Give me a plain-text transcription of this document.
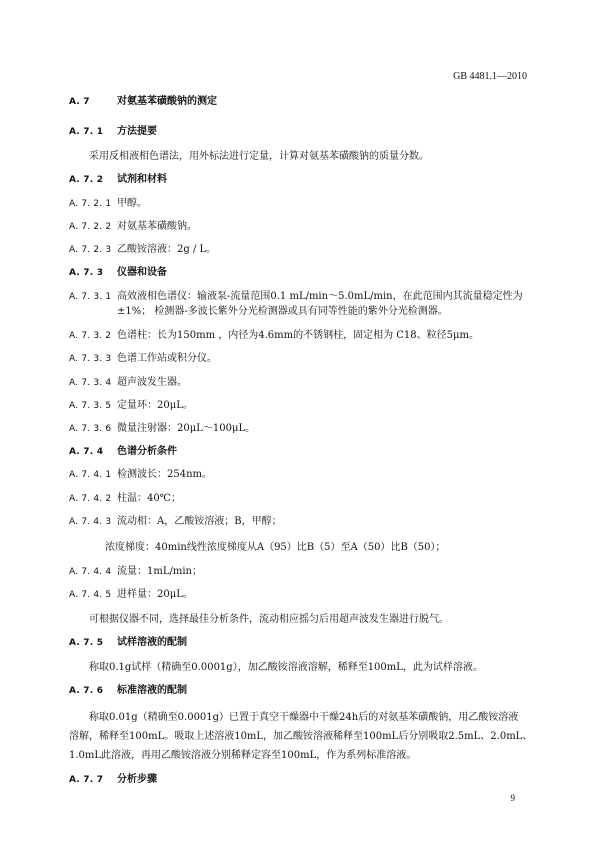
GB 4481.1—2010
A. 7	对氨基苯磺酸钠的测定
A. 7. 1 方法提要
采用反相液相色谱法，用外标法进行定量，计算对氨基苯磺酸钠的质量分数。
A. 7. 2 试剂和材料
A. 7. 2. 1 甲醇。
A. 7. 2. 2 对氨基苯磺酸钠。
A. 7. 2. 3 乙酸铵溶液：2g / L。
A. 7. 3 仪器和设备
A. 7. 3. 1 高效液相色谱仪：输液泵-流量范围0.1 mL/min～5.0mL/min，在此范围内其流量稳定性为
±1%； 检测器-多波长紫外分光检测器或具有同等性能的紫外分光检测器。
A. 7. 3. 2 色谱柱：长为150mm ，内径为4.6mm的不锈钢柱，固定相为 C18、粒径5μm。
A. 7. 3. 3 色谱工作站或积分仪。
A. 7. 3. 4 超声波发生器。
A. 7. 3. 5 定量环：20μL。
A. 7. 3. 6 微量注射器：20μL～100μL。
A. 7. 4 色谱分析条件
A. 7. 4. 1 检测波长：254nm。
A. 7. 4. 2 柱温：40℃；
A. 7. 4. 3 流动相：A，乙酸铵溶液；B，甲醇；
浓度梯度：40min线性浓度梯度从A（95）比B（5）至A（50）比B（50）；
A. 7. 4. 4 流量：1mL/min；
A. 7. 4. 5 进样量：20μL。
可根据仪器不同，选择最佳分析条件，流动相应摇匀后用超声波发生器进行脱气。
A. 7. 5 试样溶液的配制
称取0.1g试样（精确至0.0001g），加乙酸铵溶液溶解，稀释至100mL，此为试样溶液。
A. 7. 6 标准溶液的配制
称取0.01g（精确至0.0001g）已置于真空干燥器中干燥24h后的对氨基苯磺酸钠，用乙酸铵溶液
溶解，稀释至100mL。吸取上述溶液10mL，加乙酸铵溶液稀释至100mL后分别吸取2.5mL、2.0mL、
1.0mL此溶液，再用乙酸铵溶液分别稀释定容至100mL，作为系列标准溶液。
A. 7. 7 分析步骤
9
